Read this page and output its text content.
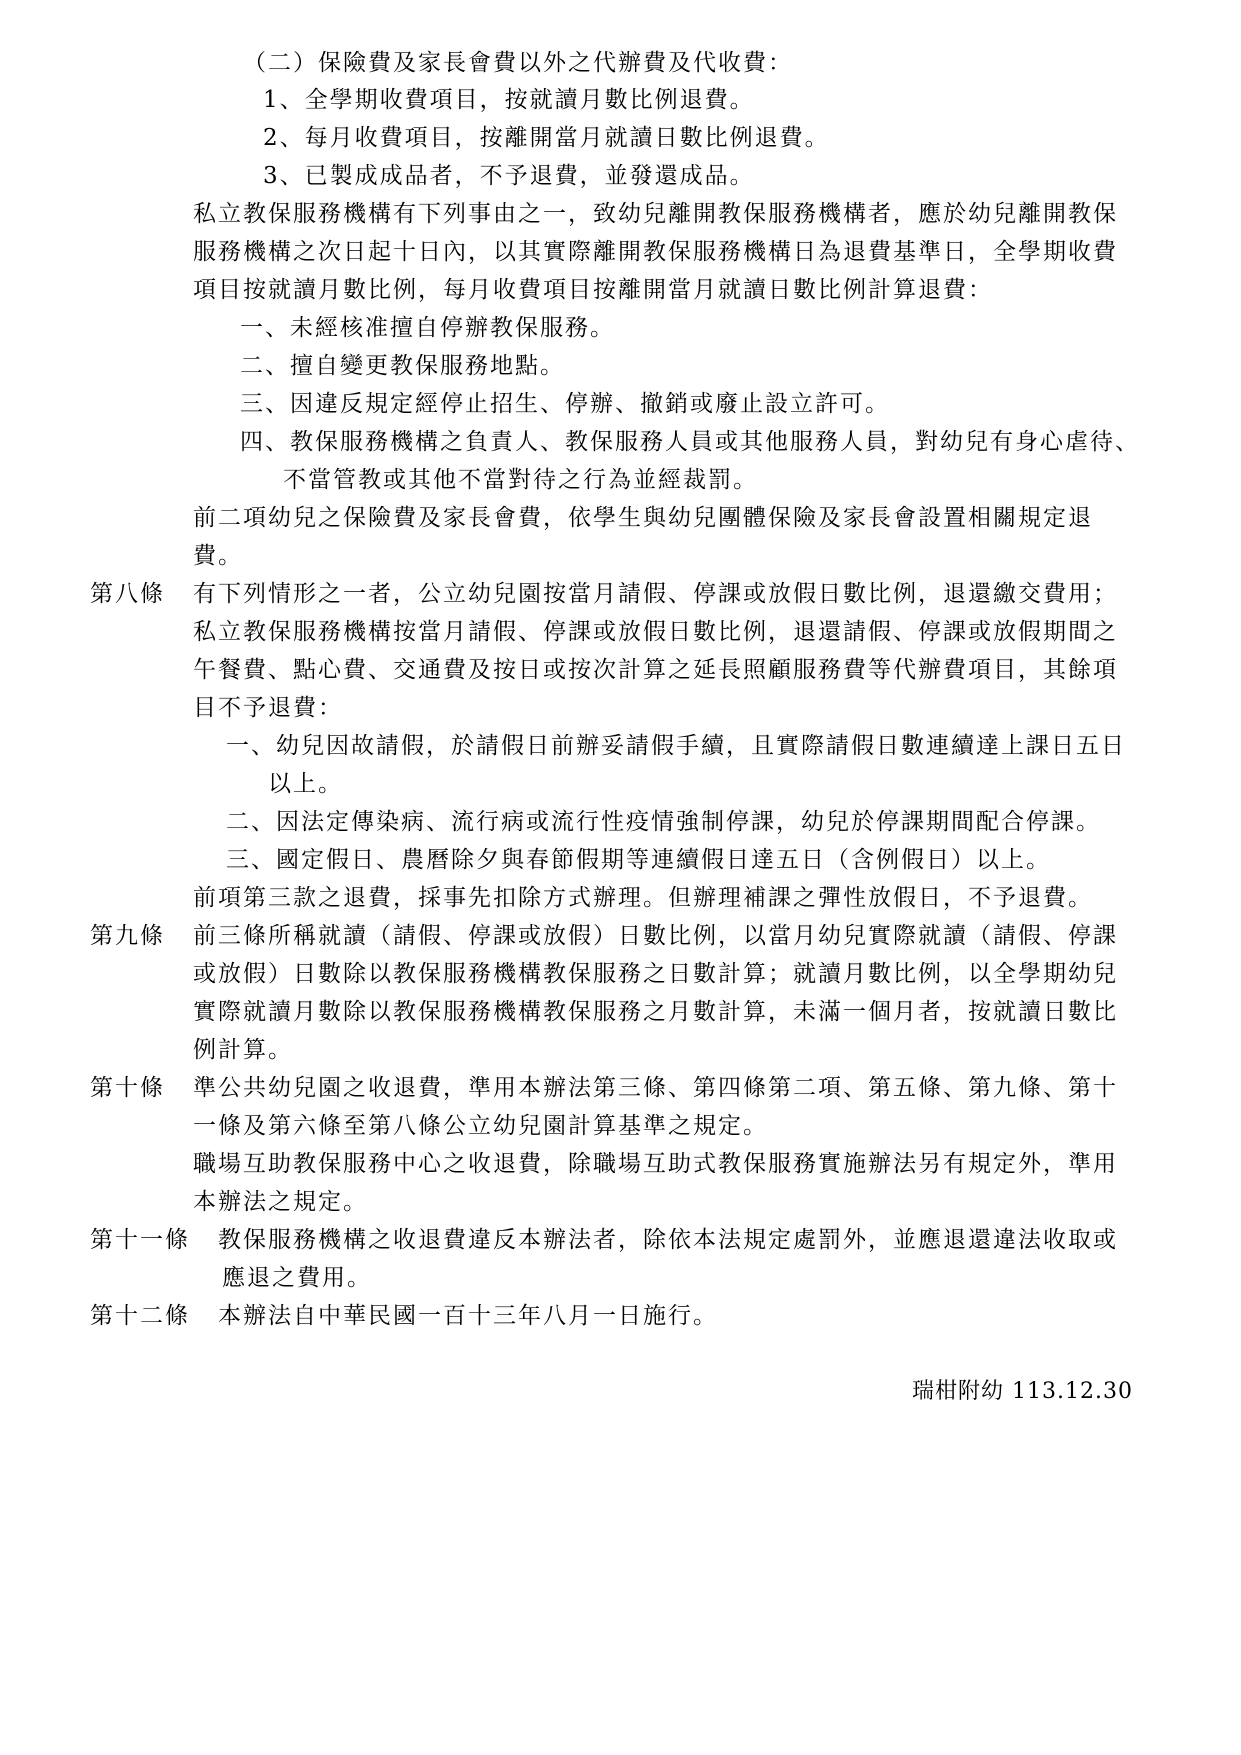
（二）保險費及家長會費以外之代辦費及代收費：
1、全學期收費項目，按就讀月數比例退費。
2、每月收費項目，按離開當月就讀日數比例退費。
3、已製成成品者，不予退費，並發還成品。
私立教保服務機構有下列事由之一，致幼兒離開教保服務機構者，應於幼兒離開教保
服務機構之次日起十日內，以其實際離開教保服務機構日為退費基準日，全學期收費
項目按就讀月數比例，每月收費項目按離開當月就讀日數比例計算退費：
一、未經核准擅自停辦教保服務。
二、擅自變更教保服務地點。
三、因違反規定經停止招生、停辦、撤銷或廢止設立許可。
四、教保服務機構之負責人、教保服務人員或其他服務人員，對幼兒有身心虐待、
不當管教或其他不當對待之行為並經裁罰。
前二項幼兒之保險費及家長會費，依學生與幼兒團體保險及家長會設置相關規定退
費。
第八條 有下列情形之一者，公立幼兒園按當月請假、停課或放假日數比例，退還繳交費用；
私立教保服務機構按當月請假、停課或放假日數比例，退還請假、停課或放假期間之
午餐費、點心費、交通費及按日或按次計算之延長照顧服務費等代辦費項目，其餘項
目不予退費：
一、幼兒因故請假，於請假日前辦妥請假手續，且實際請假日數連續達上課日五日
以上。
二、因法定傳染病、流行病或流行性疫情強制停課，幼兒於停課期間配合停課。
三、國定假日、農曆除夕與春節假期等連續假日達五日（含例假日）以上。
前項第三款之退費，採事先扣除方式辦理。但辦理補課之彈性放假日，不予退費。
第九條 前三條所稱就讀（請假、停課或放假）日數比例，以當月幼兒實際就讀（請假、停課
或放假）日數除以教保服務機構教保服務之日數計算；就讀月數比例，以全學期幼兒
實際就讀月數除以教保服務機構教保服務之月數計算，未滿一個月者，按就讀日數比
例計算。
第十條 準公共幼兒園之收退費，準用本辦法第三條、第四條第二項、第五條、第九條、第十
一條及第六條至第八條公立幼兒園計算基準之規定。
職場互助教保服務中心之收退費，除職場互助式教保服務實施辦法另有規定外，準用
本辦法之規定。
第十一條 教保服務機構之收退費違反本辦法者，除依本法規定處罰外，並應退還違法收取或
應退之費用。
第十二條 本辦法自中華民國一百十三年八月一日施行。
瑞柑附幼 113.12.30
